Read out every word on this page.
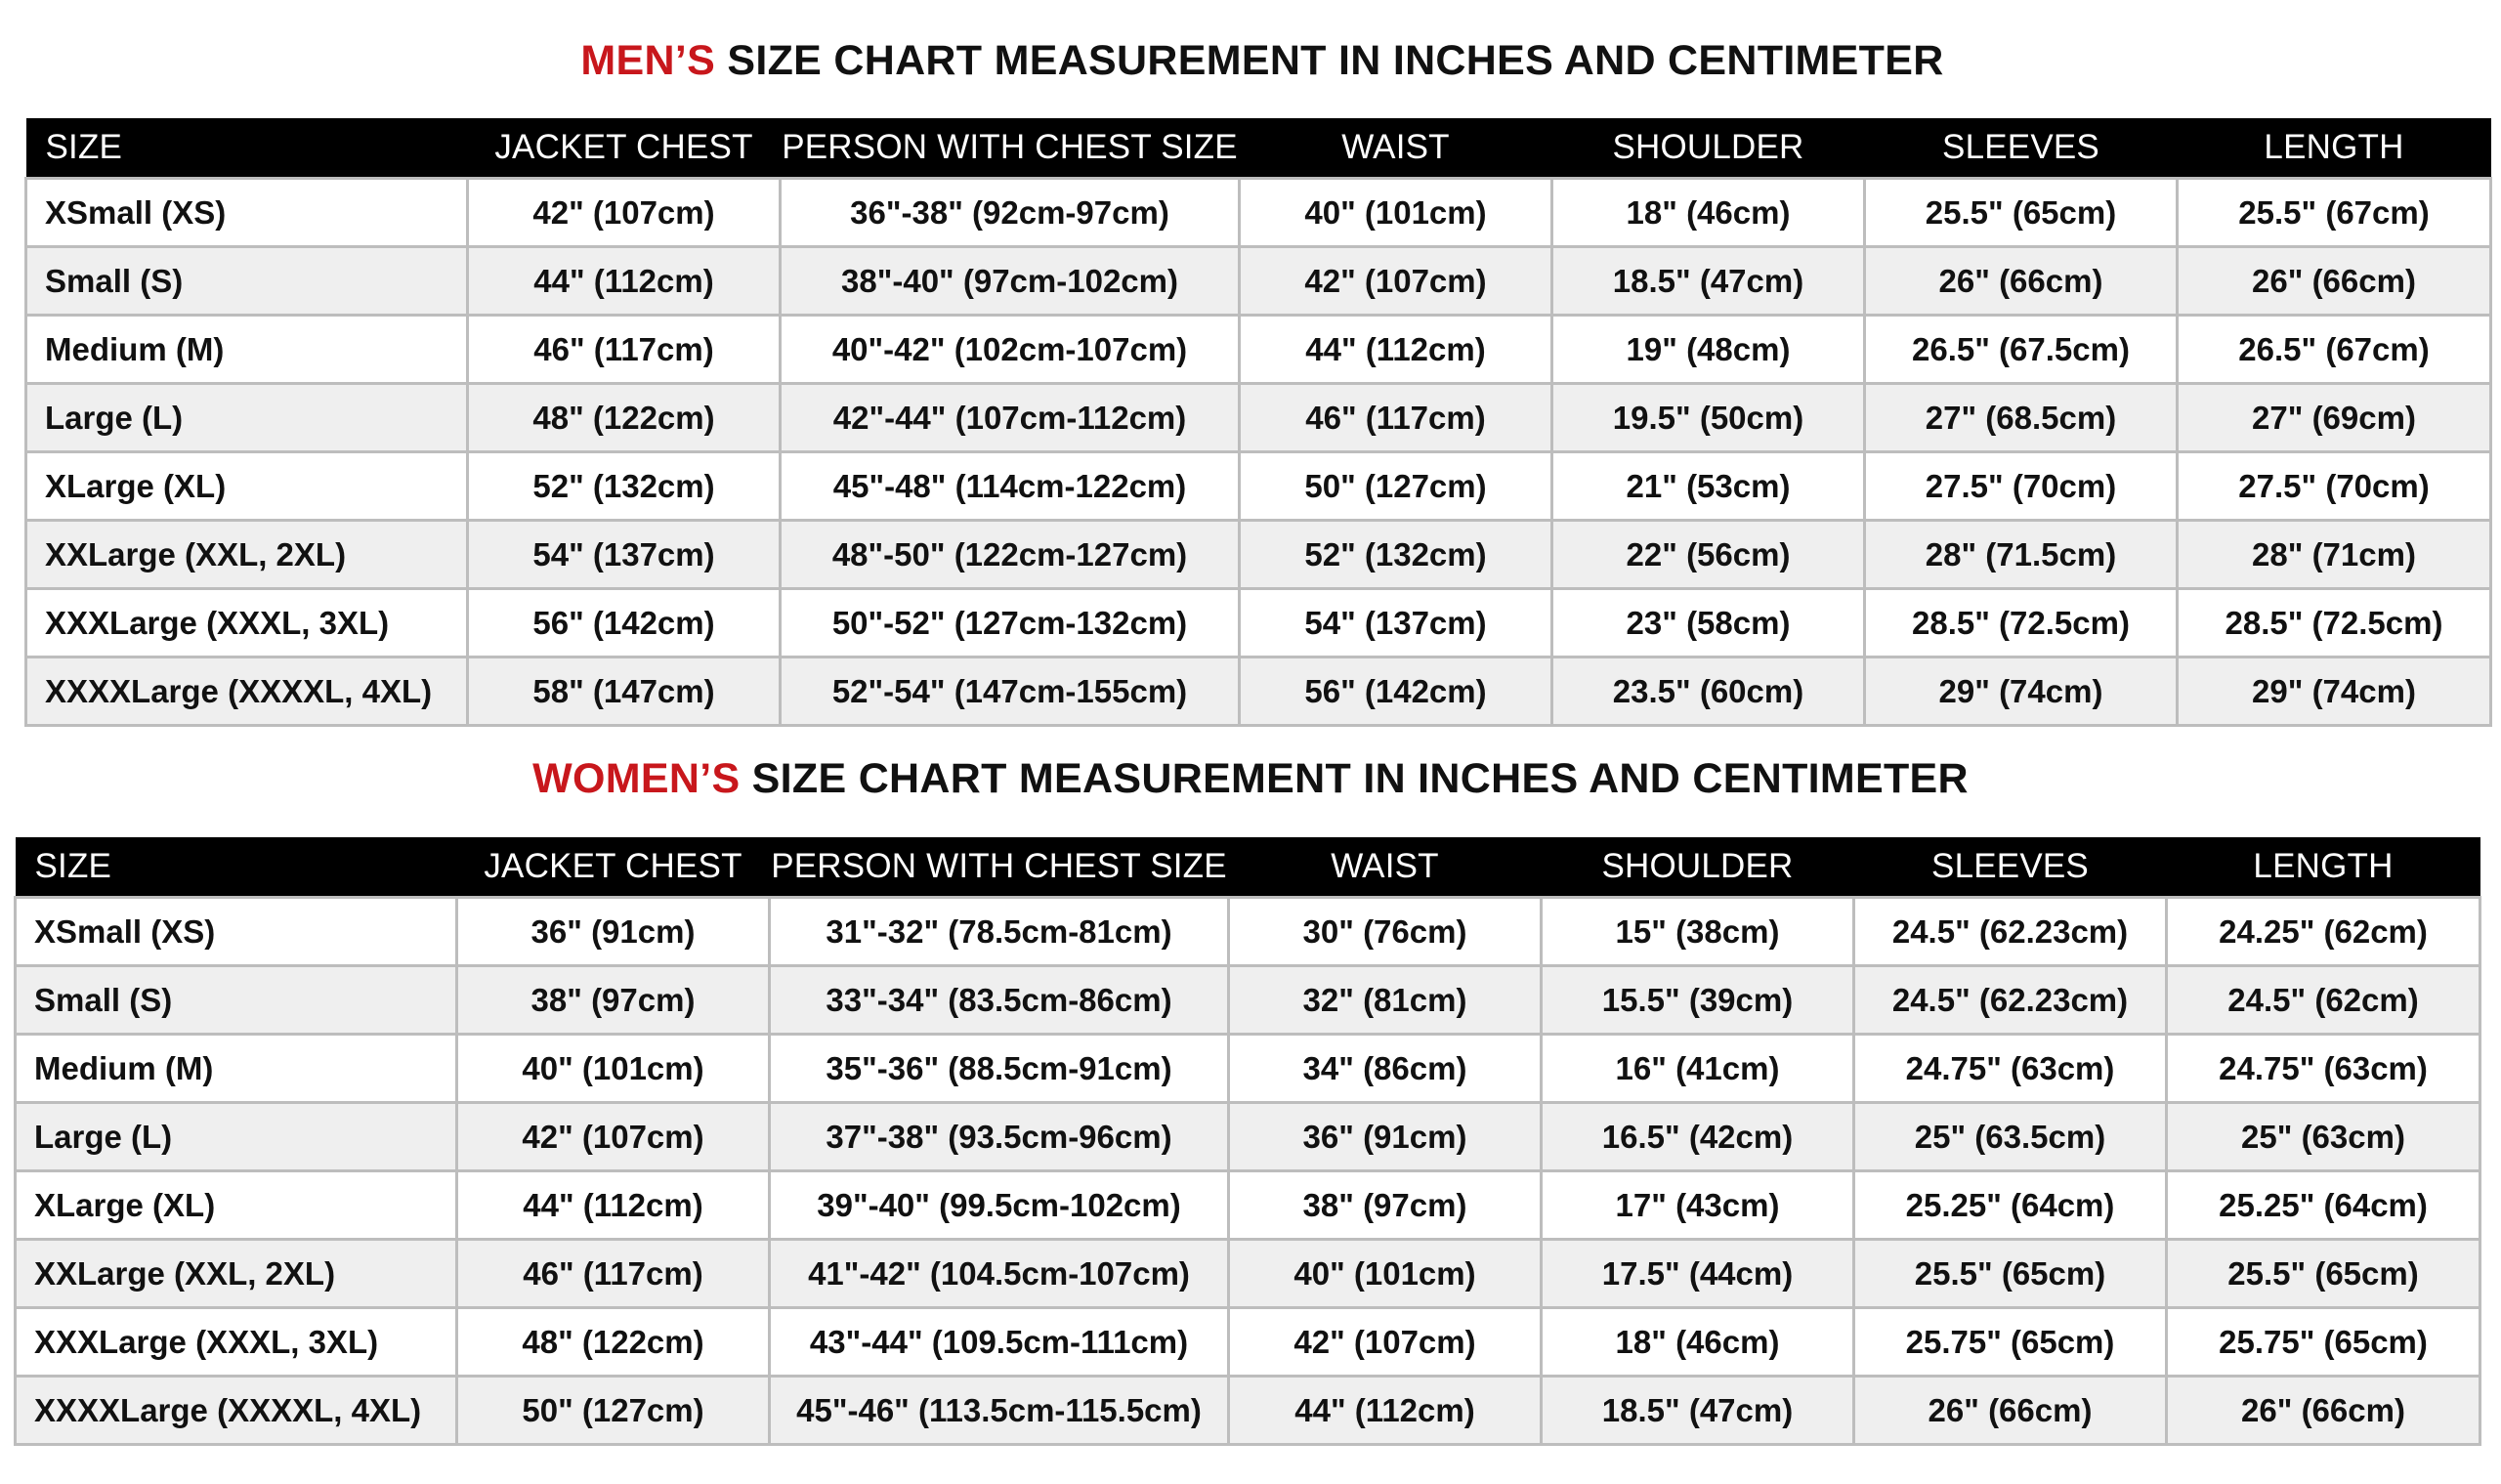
MEN’S SIZE CHART MEASUREMENT IN INCHES AND CENTIMETER
SIZE	JACKET CHEST	PERSON WITH CHEST SIZE	WAIST	SHOULDER	SLEEVES	LENGTH
XSmall (XS)	42" (107cm)	36"-38" (92cm-97cm)	40" (101cm)	18" (46cm)	25.5" (65cm)	25.5" (67cm)
Small (S)	44" (112cm)	38"-40" (97cm-102cm)	42" (107cm)	18.5" (47cm)	26" (66cm)	26" (66cm)
Medium (M)	46" (117cm)	40"-42" (102cm-107cm)	44" (112cm)	19" (48cm)	26.5" (67.5cm)	26.5" (67cm)
Large (L)	48" (122cm)	42"-44" (107cm-112cm)	46" (117cm)	19.5" (50cm)	27" (68.5cm)	27" (69cm)
XLarge (XL)	52" (132cm)	45"-48" (114cm-122cm)	50" (127cm)	21" (53cm)	27.5" (70cm)	27.5" (70cm)
XXLarge (XXL, 2XL)	54" (137cm)	48"-50" (122cm-127cm)	52" (132cm)	22" (56cm)	28" (71.5cm)	28" (71cm)
XXXLarge (XXXL, 3XL)	56" (142cm)	50"-52" (127cm-132cm)	54" (137cm)	23" (58cm)	28.5" (72.5cm)	28.5" (72.5cm)
XXXXLarge (XXXXL, 4XL)	58" (147cm)	52"-54" (147cm-155cm)	56" (142cm)	23.5" (60cm)	29" (74cm)	29" (74cm)
WOMEN’S SIZE CHART MEASUREMENT IN INCHES AND CENTIMETER
SIZE	JACKET CHEST	PERSON WITH CHEST SIZE	WAIST	SHOULDER	SLEEVES	LENGTH
XSmall (XS)	36" (91cm)	31"-32" (78.5cm-81cm)	30" (76cm)	15" (38cm)	24.5" (62.23cm)	24.25" (62cm)
Small (S)	38" (97cm)	33"-34" (83.5cm-86cm)	32" (81cm)	15.5" (39cm)	24.5" (62.23cm)	24.5" (62cm)
Medium (M)	40" (101cm)	35"-36" (88.5cm-91cm)	34" (86cm)	16" (41cm)	24.75" (63cm)	24.75" (63cm)
Large (L)	42" (107cm)	37"-38" (93.5cm-96cm)	36" (91cm)	16.5" (42cm)	25" (63.5cm)	25" (63cm)
XLarge (XL)	44" (112cm)	39"-40" (99.5cm-102cm)	38" (97cm)	17" (43cm)	25.25" (64cm)	25.25" (64cm)
XXLarge (XXL, 2XL)	46" (117cm)	41"-42" (104.5cm-107cm)	40" (101cm)	17.5" (44cm)	25.5" (65cm)	25.5" (65cm)
XXXLarge (XXXL, 3XL)	48" (122cm)	43"-44" (109.5cm-111cm)	42" (107cm)	18" (46cm)	25.75" (65cm)	25.75" (65cm)
XXXXLarge (XXXXL, 4XL)	50" (127cm)	45"-46" (113.5cm-115.5cm)	44" (112cm)	18.5" (47cm)	26" (66cm)	26" (66cm)
